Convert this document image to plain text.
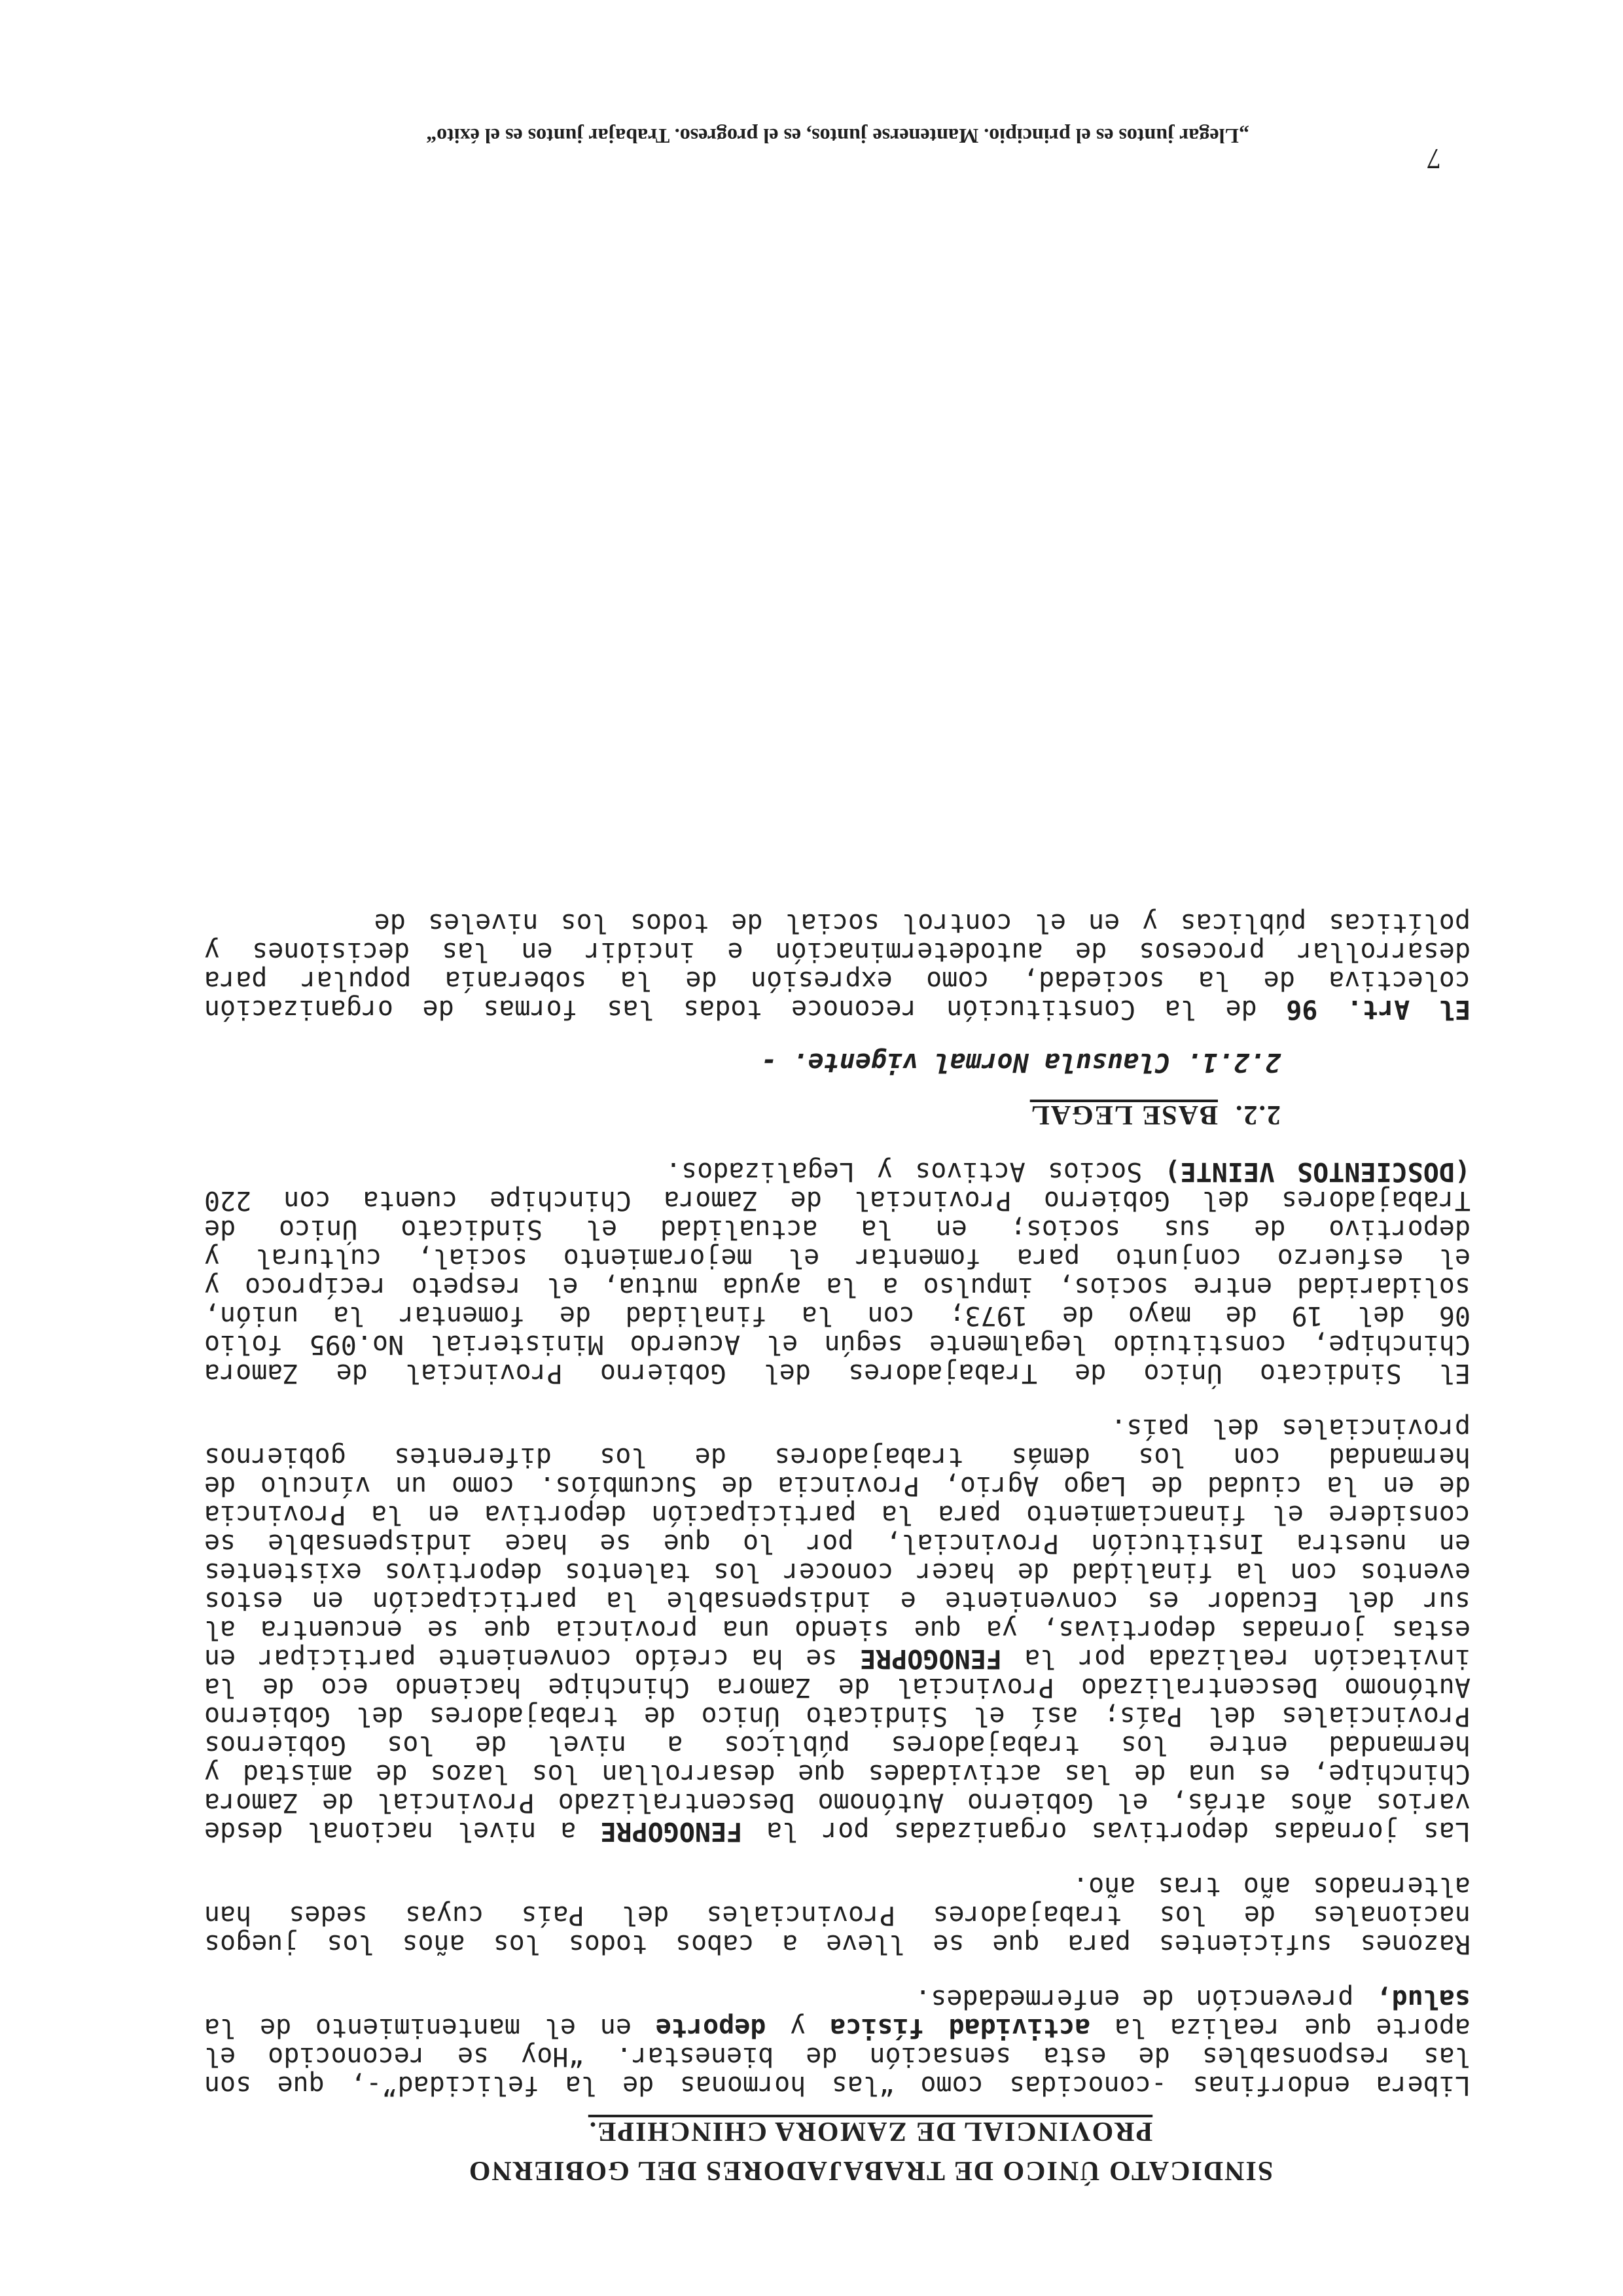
SINDICATO ÚNICO DE TRABAJADORES DEL GOBIERNO
PROVINCIAL DE ZAMORA CHINCHIPE.

Libera endorfinas -conocidas como “las hormonas de la felicidad”-, que son las responsables de esta sensación de bienestar. “Hoy se reconocido el aporte que realiza la actividad física y deporte en el mantenimiento de la salud, prevención de enfermedades.

Razones suficientes para que se lleve a cabos todos los años los juegos nacionales de los trabajadores Provinciales del País cuyas sedes han alternados año tras año.

Las jornadas deportivas organizadas por la FENOGOPRE a nivel nacional desde varios años atrás, el Gobierno Autónomo Descentralizado Provincial de Zamora Chinchipe, es una de las actividades que desarrollan los lazos de amistad y hermandad entre los trabajadores públicos a nivel de los Gobiernos Provinciales del País; así el Sindicato Único de trabajadores del Gobierno Autónomo Descentralizado Provincial de Zamora Chinchipe haciendo eco de la invitación realizada por la FENOGOPRE se ha creído conveniente participar en estas jornadas deportivas, ya que siendo una provincia que se encuentra al sur del Ecuador es conveniente e indispensable la participación en estos eventos con la finalidad de hacer conocer los talentos deportivos existentes en nuestra Institución Provincial, por lo que se hace indispensable se considere el financiamiento para la participación deportiva en la Provincia de en la ciudad de Lago Agrio, Provincia de Sucumbíos. como un vínculo de hermandad con los demás trabajadores de los diferentes gobiernos provinciales del país.

El Sindicato Único de Trabajadores del Gobierno Provincial de Zamora Chinchipe, constituido legalmente según el Acuerdo Ministerial No.095 folio 06 del 19 de mayo de 1973; con la finalidad de fomentar la unión, solidaridad entre socios, impulso a la ayuda mutua, el respeto recíproco y el esfuerzo conjunto para fomentar el mejoramiento social, cultural y deportivo de sus socios; en la actualidad el Sindicato Único de Trabajadores del Gobierno Provincial de Zamora Chinchipe cuenta con 220 (DOSCIENTOS VEINTE) Socios Activos y Legalizados.

2.2.  BASE LEGAL
2.2.1. Clausula Normal vigente. -

El Art. 96 de la Constitución reconoce todas las formas de organización colectiva de la sociedad, como expresión de la soberanía popular para desarrollar procesos de autodeterminación e incidir en las decisiones y políticas públicas y en el control social de todos los niveles de

7
„Llegar juntos es el principio. Mantenerse juntos, es el progreso. Trabajar juntos es el éxito“
